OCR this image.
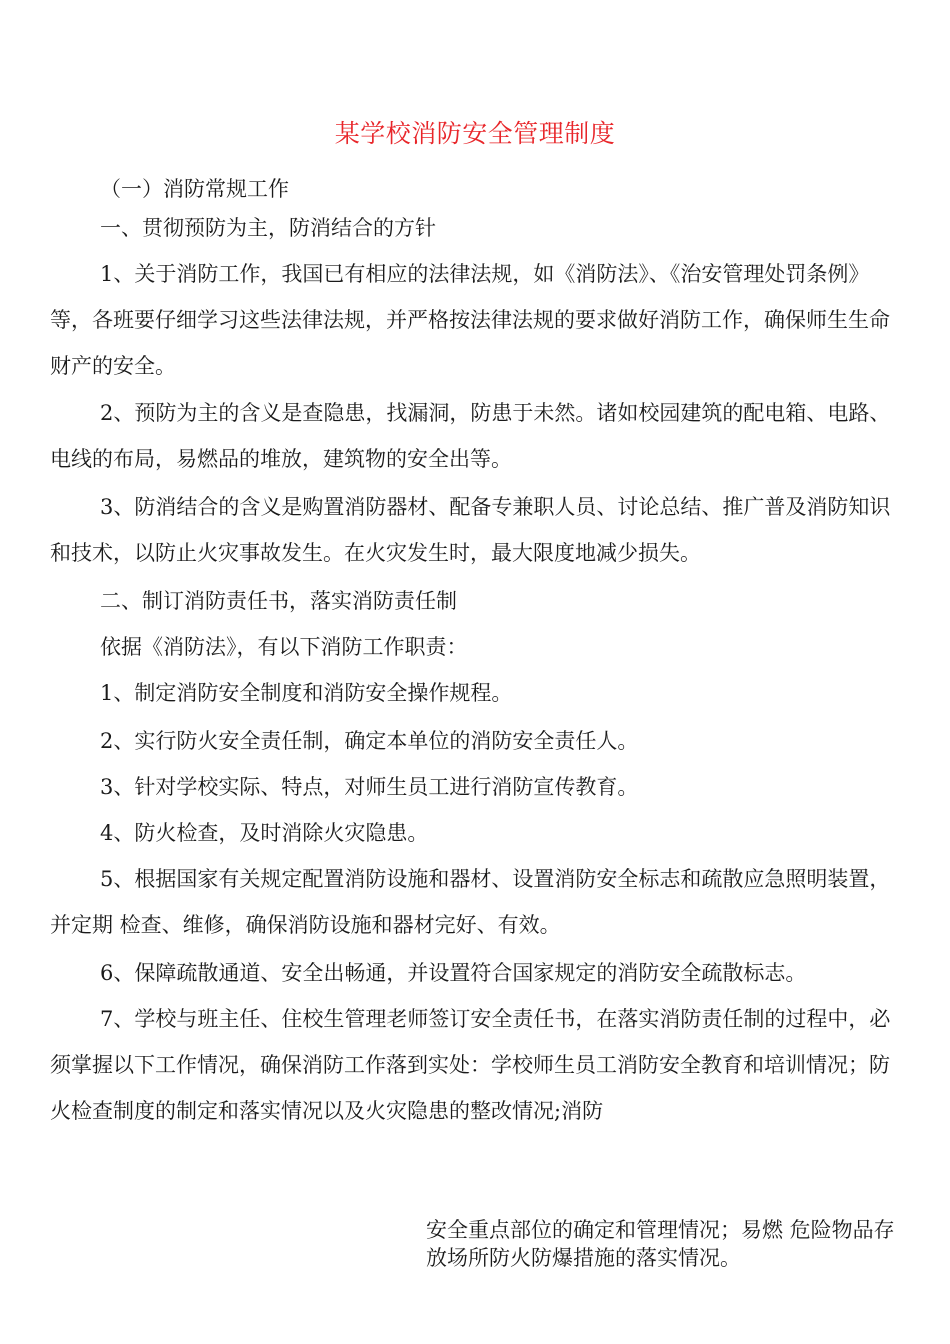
某学校消防安全管理制度

（一）消防常规工作

一、贯彻预防为主，防消结合的方针

1、关于消防工作，我国已有相应的法律法规，如《消防法》、《治安管理处罚条例》等，各班要仔细学习这些法律法规，并严格按法律法规的要求做好消防工作，确保师生生命财产的安全。

2、预防为主的含义是查隐患，找漏洞，防患于未然。诸如校园建筑的配电箱、电路、电线的布局，易燃品的堆放，建筑物的安全出等。

3、防消结合的含义是购置消防器材、配备专兼职人员、讨论总结、推广普及消防知识和技术，以防止火灾事故发生。在火灾发生时，最大限度地减少损失。

二、制订消防责任书，落实消防责任制

依据《消防法》，有以下消防工作职责：

1、制定消防安全制度和消防安全操作规程。

2、实行防火安全责任制，确定本单位的消防安全责任人。

3、针对学校实际、特点，对师生员工进行消防宣传教育。

4、防火检查，及时消除火灾隐患。

5、根据国家有关规定配置消防设施和器材、设置消防安全标志和疏散应急照明装置，并定期 检查、维修，确保消防设施和器材完好、有效。

6、保障疏散通道、安全出畅通，并设置符合国家规定的消防安全疏散标志。

7、学校与班主任、住校生管理老师签订安全责任书，在落实消防责任制的过程中，必须掌握以下工作情况，确保消防工作落到实处：学校师生员工消防安全教育和培训情况；防火检查制度的制定和落实情况以及火灾隐患的整改情况;消防

安全重点部位的确定和管理情况；易燃 危险物品存放场所防火防爆措施的落实情况。
